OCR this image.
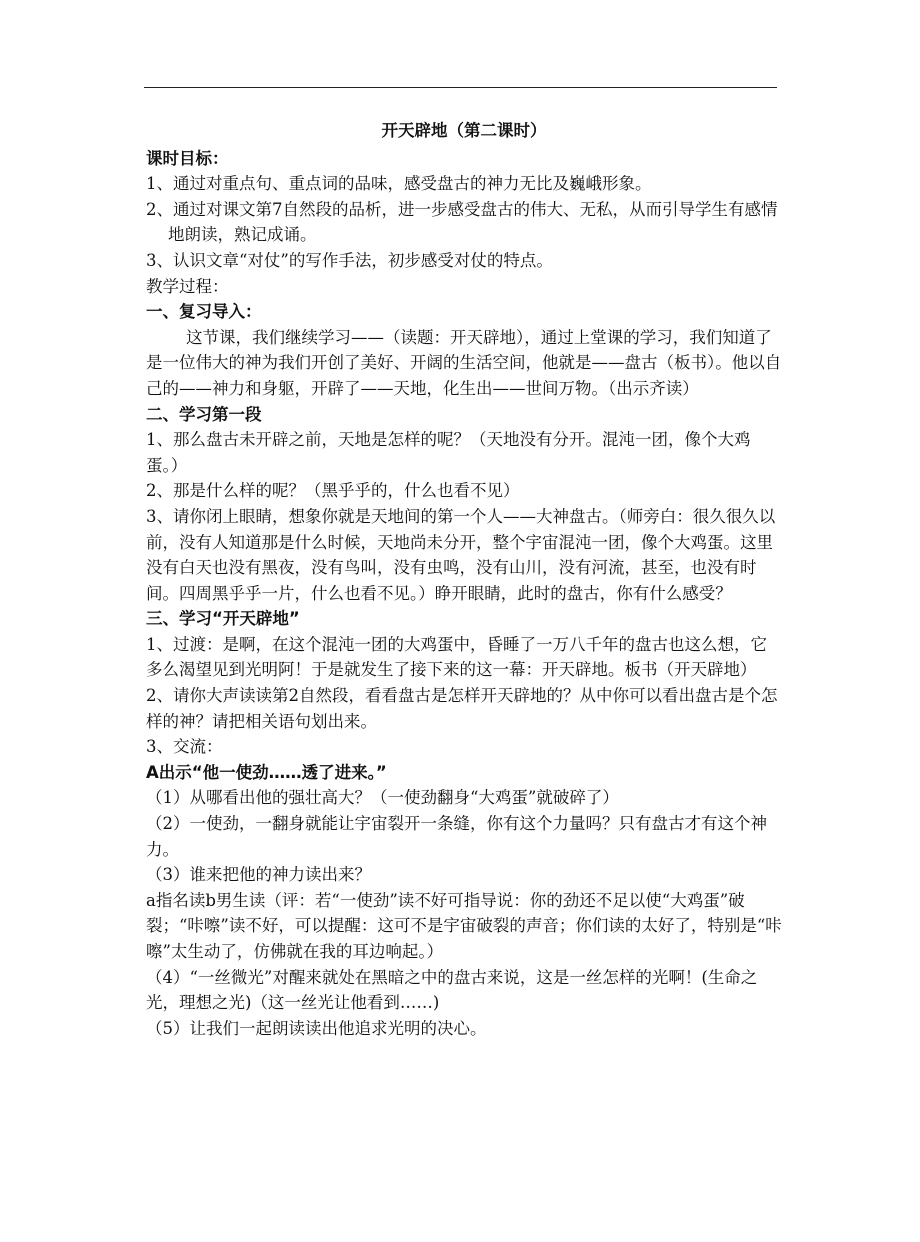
开天辟地（第二课时）
课时目标：

1、通过对重点句、重点词的品味，感受盘古的神力无比及巍峨形象。

2、通过对课文第7自然段的品析，进一步感受盘古的伟大、无私，从而引导学生有感情地朗读，熟记成诵。

3、认识文章“对仗”的写作手法，初步感受对仗的特点。

教学过程：

一、复习导入：

这节课，我们继续学习——（读题：开天辟地），通过上堂课的学习，我们知道了是一位伟大的神为我们开创了美好、开阔的生活空间，他就是——盘古（板书）。他以自己的——神力和身躯，开辟了——天地，化生出——世间万物。（出示齐读）

二、学习第一段

1、那么盘古未开辟之前，天地是怎样的呢？（天地没有分开。混沌一团，像个大鸡蛋。）

2、那是什么样的呢？（黑乎乎的，什么也看不见）

3、请你闭上眼睛，想象你就是天地间的第一个人——大神盘古。（师旁白：很久很久以前，没有人知道那是什么时候，天地尚未分开，整个宇宙混沌一团，像个大鸡蛋。这里没有白天也没有黑夜，没有鸟叫，没有虫鸣，没有山川，没有河流，甚至，也没有时间。四周黑乎乎一片，什么也看不见。）睁开眼睛，此时的盘古，你有什么感受？

三、学习“开天辟地”

1、过渡：是啊，在这个混沌一团的大鸡蛋中，昏睡了一万八千年的盘古也这么想，它多么渴望见到光明阿！于是就发生了接下来的这一幕：开天辟地。板书（开天辟地）

2、请你大声读读第2自然段，看看盘古是怎样开天辟地的？从中你可以看出盘古是个怎样的神？请把相关语句划出来。

3、交流：

A出示“他一使劲……透了进来。”

（1）从哪看出他的强壮高大？（一使劲翻身“大鸡蛋”就破碎了）

（2）一使劲，一翻身就能让宇宙裂开一条缝，你有这个力量吗？只有盘古才有这个神力。

（3）谁来把他的神力读出来？

a指名读b男生读（评：若“一使劲”读不好可指导说：你的劲还不足以使“大鸡蛋”破裂；“咔嚓”读不好，可以提醒：这可不是宇宙破裂的声音；你们读的太好了，特别是“咔嚓”太生动了，仿佛就在我的耳边响起。）

（4）“一丝微光”对醒来就处在黑暗之中的盘古来说，这是一丝怎样的光啊！(生命之光，理想之光)（这一丝光让他看到……)

（5）让我们一起朗读读出他追求光明的决心。
